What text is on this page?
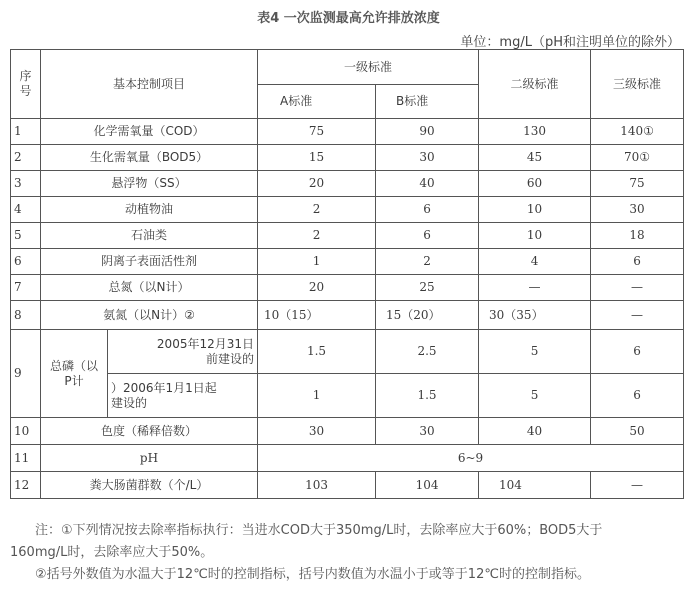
表4 一次监测最高允许排放浓度
单位：mg/L（pH和注明单位的除外）
序号	基本控制项目		一级标准		二级标准	三级标准
			A标准	B标准		
1	化学需氧量（COD）		75	90	130	140①
2	生化需氧量（BOD5）		15	30	45	70①
3	悬浮物（SS）		20	40	60	75
4	动植物油		2	6	10	30
5	石油类		2	6	10	18
6	阴离子表面活性剂		1	2	4	6
7	总氮（以N计）		20	25	—	—
8	氨氮（以N计）②		10（15）	15（20）	30（35）	—
9	总磷（以P计	2005年12月31日前建设的	1.5	2.5	5	6
		）2006年1月1日起建设的	1	1.5	5	6
10	色度（稀释倍数）		30	30	40	50
11	pH		6~9			
12	粪大肠菌群数（个/L）		103	104	104	—
注：①下列情况按去除率指标执行：当进水COD大于350mg/L时，去除率应大于60%；BOD5大于
160mg/L时，去除率应大于50%。
②括号外数值为水温大于12℃时的控制指标，括号内数值为水温小于或等于12℃时的控制指标。
